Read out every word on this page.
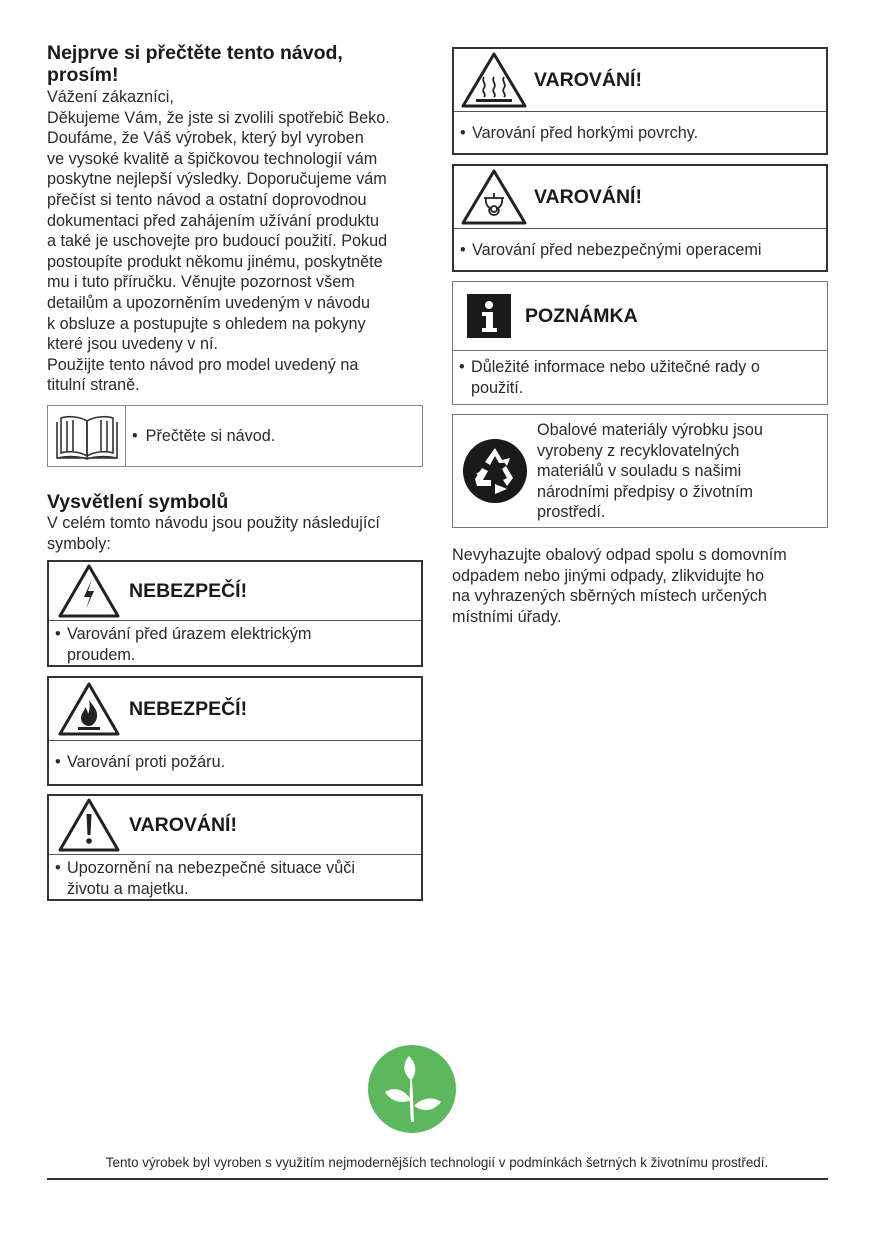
Nejprve si přečtěte tento návod,
prosím!

Vážení zákazníci,
Děkujeme Vám, že jste si zvolili spotřebič Beko.
Doufáme, že Váš výrobek, který byl vyroben
ve vysoké kvalitě a špičkovou technologií vám
poskytne nejlepší výsledky. Doporučujeme vám
přečíst si tento návod a ostatní doprovodnou
dokumentaci před zahájením užívání produktu
a také je uschovejte pro budoucí použití. Pokud
postoupíte produkt někomu jinému, poskytněte
mu i tuto příručku. Věnujte pozornost všem
detailům a upozorněním uvedeným v návodu
k obsluze a postupujte s ohledem na pokyny
které jsou uvedeny v ní.
Použijte tento návod pro model uvedený na
titulní straně.

• Přečtěte si návod.
Vysvětlení symbolů

V celém tomto návodu jsou použity následující
symboly:

NEBEZPEČÍ!
• Varování před úrazem elektrickým
proudem.
NEBEZPEČÍ!
• Varování proti požáru.
VAROVÁNÍ!
• Upozornění na nebezpečné situace vůči
životu a majetku.
VAROVÁNÍ!
• Varování před horkými povrchy.
VAROVÁNÍ!
• Varování před nebezpečnými operacemi
POZNÁMKA
• Důležité informace nebo užitečné rady o
použití.
Obalové materiály výrobku jsou
vyrobeny z recyklovatelných
materiálů v souladu s našimi
národními předpisy o životním
prostředí.

Nevyhazujte obalový odpad spolu s domovním
odpadem nebo jinými odpady, zlikvidujte ho
na vyhrazených sběrných místech určených
místními úřady.

Tento výrobek byl vyroben s využitím nejmodernějších technologií v podmínkách šetrných k životnímu prostředí.
